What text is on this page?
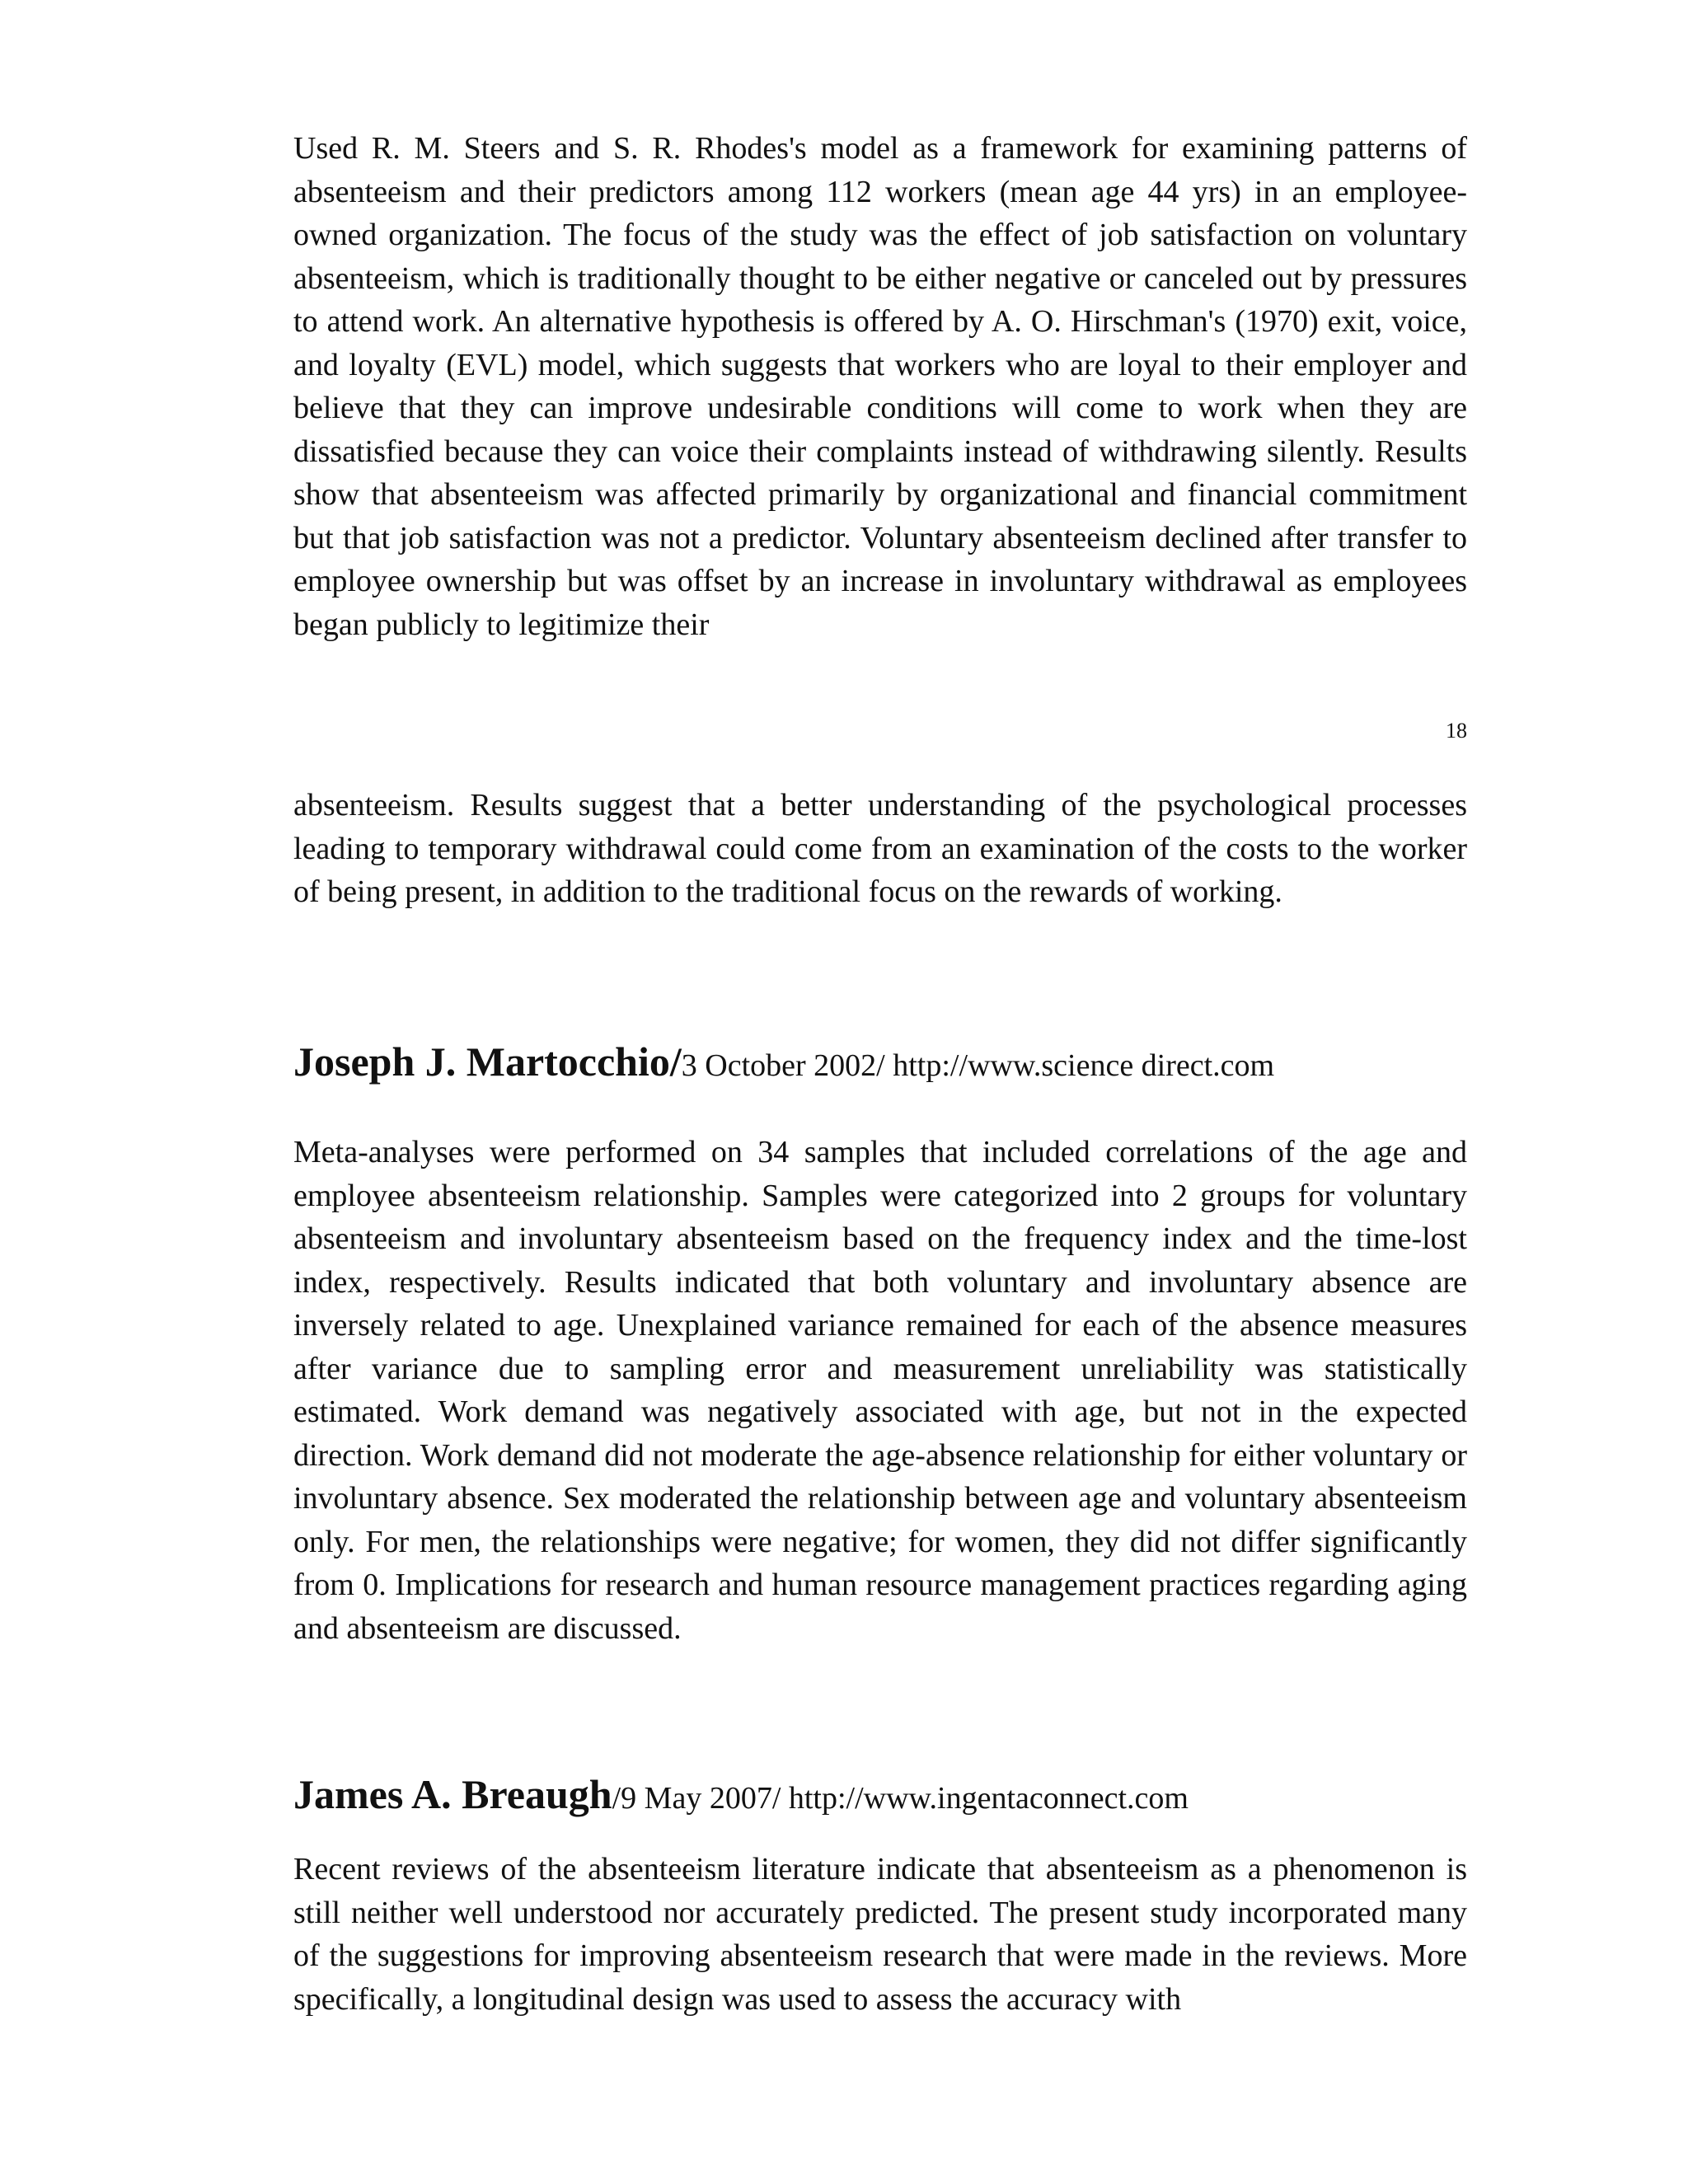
Used R. M. Steers and S. R. Rhodes's model as a framework for examining patterns of absenteeism and their predictors among 112 workers (mean age 44 yrs) in an employee-owned organization. The focus of the study was the effect of job satisfaction on voluntary absenteeism, which is traditionally thought to be either negative or canceled out by pressures to attend work. An alternative hypothesis is offered by A. O. Hirschman's (1970) exit, voice, and loyalty (EVL) model, which suggests that workers who are loyal to their employer and believe that they can improve undesirable conditions will come to work when they are dissatisfied because they can voice their complaints instead of withdrawing silently. Results show that absenteeism was affected primarily by organizational and financial commitment but that job satisfaction was not a predictor. Voluntary absenteeism declined after transfer to employee ownership but was offset by an increase in involuntary withdrawal as employees began publicly to legitimize their

18

absenteeism. Results suggest that a better understanding of the psychological processes leading to temporary withdrawal could come from an examination of the costs to the worker of being present, in addition to the traditional focus on the rewards of working.

Joseph J. Martocchio/3 October 2002/ http://www.science direct.com

Meta-analyses were performed on 34 samples that included correlations of the age and employee absenteeism relationship. Samples were categorized into 2 groups for voluntary absenteeism and involuntary absenteeism based on the frequency index and the time-lost index, respectively. Results indicated that both voluntary and involuntary absence are inversely related to age. Unexplained variance remained for each of the absence measures after variance due to sampling error and measurement unreliability was statistically estimated. Work demand was negatively associated with age, but not in the expected direction. Work demand did not moderate the age-absence relationship for either voluntary or involuntary absence. Sex moderated the relationship between age and voluntary absenteeism only. For men, the relationships were negative; for women, they did not differ significantly from 0. Implications for research and human resource management practices regarding aging and absenteeism are discussed.

James A. Breaugh/9 May 2007/ http://www.ingentaconnect.com

Recent reviews of the absenteeism literature indicate that absenteeism as a phenomenon is still neither well understood nor accurately predicted. The present study incorporated many of the suggestions for improving absenteeism research that were made in the reviews. More specifically, a longitudinal design was used to assess the accuracy with
